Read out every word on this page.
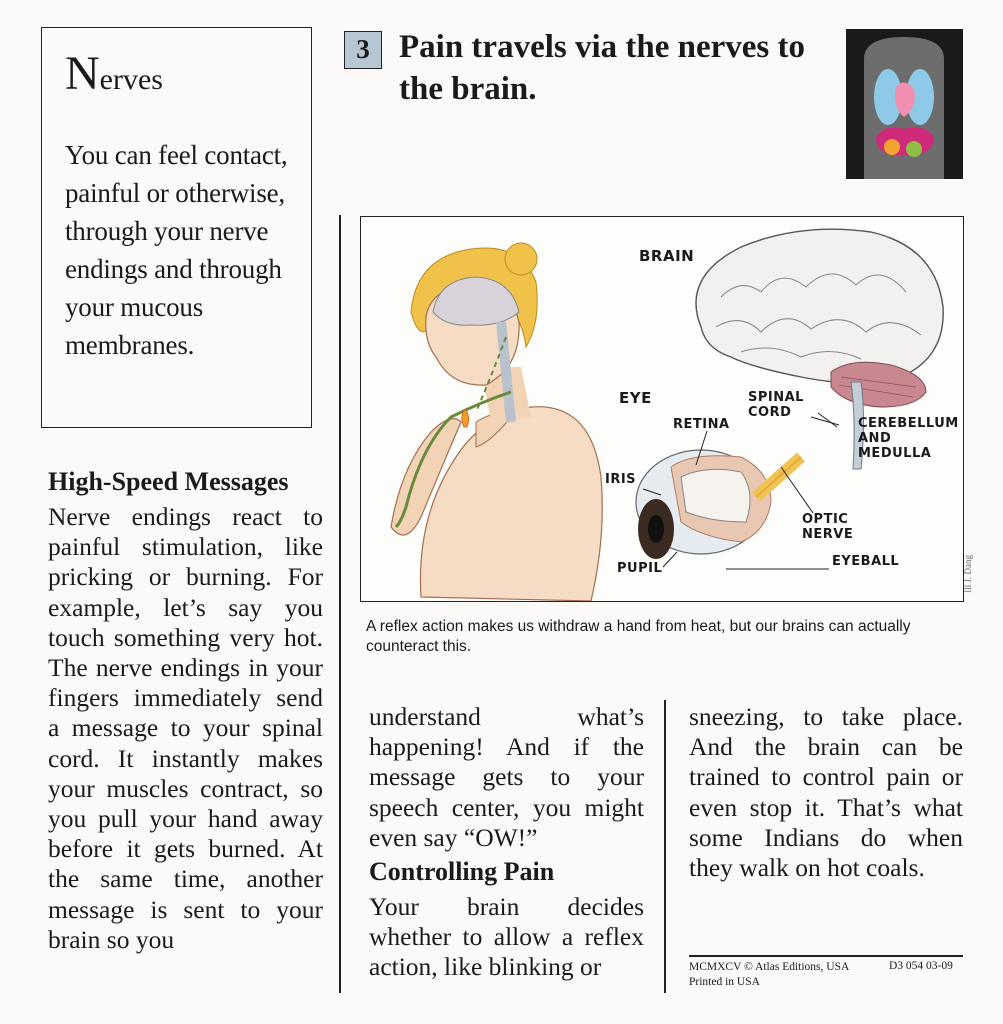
Nerves
You can feel contact, painful or otherwise, through your nerve endings and through your mucous membranes.
3 Pain travels via the nerves to the brain.
BRAIN
EYE
RETINA
SPINAL
CORD
CEREBELLUM
AND
MEDULLA
IRIS
OPTIC
NERVE
PUPIL	EYEBALL	Ill J. Dang
A reflex action makes us withdraw a hand from heat, but our brains can actually counteract this.
High-Speed Messages

Nerve endings react to painful stimulation, like pricking or burning. For example, let’s say you touch something very hot. The nerve endings in your fingers immediately send a message to your spinal cord. It instantly makes your muscles contract, so you pull your hand away before it gets burned. At the same time, another message is sent to your brain so you

understand what’s happening! And if the message gets to your speech center, you might even say “OW!”

Controlling Pain

Your brain decides whether to allow a reflex action, like blinking or

sneezing, to take place. And the brain can be trained to control pain or even stop it. That’s what some Indians do when they walk on hot coals.

MCMXCV © Atlas Editions, USA
Printed in USA
D3 054 03-09
